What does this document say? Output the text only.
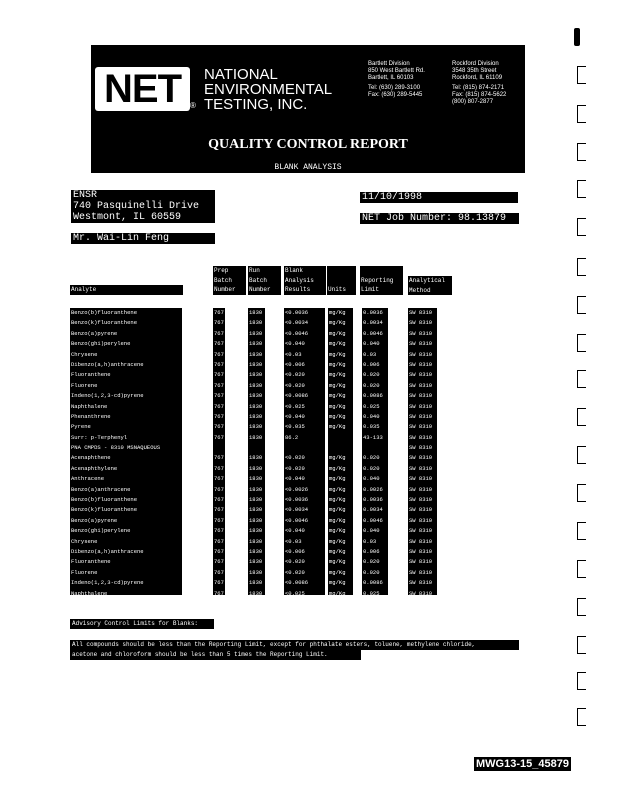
NET	®
NATIONAL
ENVIRONMENTAL
TESTING, INC.
Bartlett Division
850 West Bartlett Rd.
Bartlett, IL 60103
Tel: (630) 289-3100
Fax: (630) 289-5445
Rockford Division
3548 35th Street
Rockford, IL 61109
Tel: (815) 874-2171
Fax: (815) 874-5622
(800) 807-2877
QUALITY CONTROL REPORT
BLANK ANALYSIS
ENSR
740 Pasquinelli Drive
Westmont, IL 60559
Mr. Wai-Lin Feng
11/10/1998
NET Job Number: 98.13879
Analyte
Prep
Batch
Number
Run
Batch
Number
Blank
Analysis
Results	

Units

Reporting
Limit
Analytical
Method
Benzo(b)fluoranthene
Benzo(k)fluoranthene
Benzo(a)pyrene
Benzo(ghi)perylene
Chrysene
Dibenzo(a,h)anthracene
Fluoranthene
Fluorene
Indeno(1,2,3-cd)pyrene
Naphthalene
Phenanthrene
Pyrene
Surr: p-Terphenyl
PNA CMPDS - 8310 MSNAQUEOUS
Acenaphthene
Acenaphthylene
Anthracene
Benzo(a)anthracene
Benzo(b)fluoranthene
Benzo(k)fluoranthene
Benzo(a)pyrene
Benzo(ghi)perylene
Chrysene
Dibenzo(a,h)anthracene
Fluoranthene
Fluorene
Indeno(1,2,3-cd)pyrene
Naphthalene
Phenanthrene
767
767
767
767
767
767
767
767
767
767
767
767
767
767
767
767
767
767
767
767
767
767
767
767
767
767
767
767
1830
1830
1830
1830
1830
1830
1830
1830
1830
1830
1830
1830
1830
1830
1830
1830
1830
1830
1830
1830
1830
1830
1830
1830
1830
1830
1830
1830
<0.0036
<0.0034
<0.0046
<0.040
<0.03
<0.006
<0.020
<0.020
<0.0086
<0.025
<0.040
<0.035
86.2
<0.020
<0.020
<0.040
<0.0026
<0.0036
<0.0034
<0.0046
<0.040
<0.03
<0.006
<0.020
<0.020
<0.0086
<0.025
<0.040
mg/Kg
mg/Kg
mg/Kg
mg/Kg
mg/Kg
mg/Kg
mg/Kg
mg/Kg
mg/Kg
mg/Kg
mg/Kg
mg/Kg
mg/Kg
mg/Kg
mg/Kg
mg/Kg
mg/Kg
mg/Kg
mg/Kg
mg/Kg
mg/Kg
mg/Kg
mg/Kg
mg/Kg
mg/Kg
mg/Kg
mg/Kg
0.0036
0.0034
0.0046
0.040
0.03
0.006
0.020
0.020
0.0086
0.025
0.040
0.035
43-133
0.020
0.020
0.040
0.0026
0.0036
0.0034
0.0046
0.040
0.03
0.006
0.020
0.020
0.0086
0.025
0.040
SW 8310
SW 8310
SW 8310
SW 8310
SW 8310
SW 8310
SW 8310
SW 8310
SW 8310
SW 8310
SW 8310
SW 8310
SW 8310
SW 8310
SW 8310
SW 8310
SW 8310
SW 8310
SW 8310
SW 8310
SW 8310
SW 8310
SW 8310
SW 8310
SW 8310
SW 8310
SW 8310
SW 8310
SW 8310
Advisory Control Limits for Blanks:
All compounds should be less than the Reporting Limit, except for phthalate esters, toluene, methylene chloride,
acetone and chloroform should be less than 5 times the Reporting Limit.
MWG13-15_45879
